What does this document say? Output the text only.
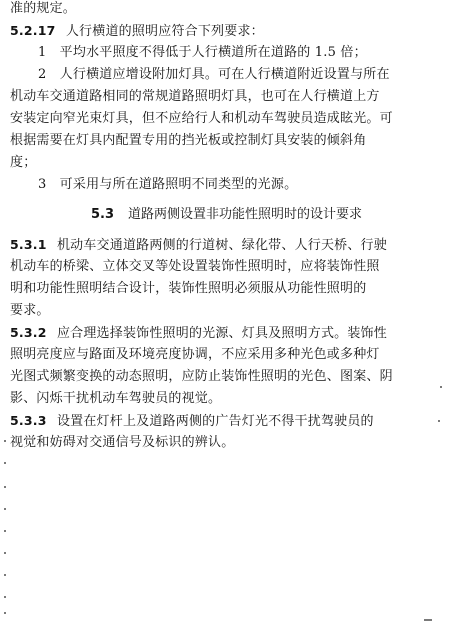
准的规定。
5.2.17 人行横道的照明应符合下列要求：
1　平均水平照度不得低于人行横道所在道路的 1.5 倍；
2　人行横道应增设附加灯具。可在人行横道附近设置与所在
机动车交通道路相同的常规道路照明灯具，也可在人行横道上方
安装定向窄光束灯具，但不应给行人和机动车驾驶员造成眩光。可
根据需要在灯具内配置专用的挡光板或控制灯具安装的倾斜角
度；
3　可采用与所在道路照明不同类型的光源。
5.3 道路两侧设置非功能性照明时的设计要求
5.3.1 机动车交通道路两侧的行道树、绿化带、人行天桥、行驶
机动车的桥梁、立体交叉等处设置装饰性照明时，应将装饰性照
明和功能性照明结合设计，装饰性照明必须服从功能性照明的
要求。
5.3.2 应合理选择装饰性照明的光源、灯具及照明方式。装饰性
照明亮度应与路面及环境亮度协调，不应采用多种光色或多种灯
光图式频繁变换的动态照明，应防止装饰性照明的光色、图案、阴
影、闪烁干扰机动车驾驶员的视觉。
5.3.3 设置在灯杆上及道路两侧的广告灯光不得干扰驾驶员的
视觉和妨碍对交通信号及标识的辨认。
